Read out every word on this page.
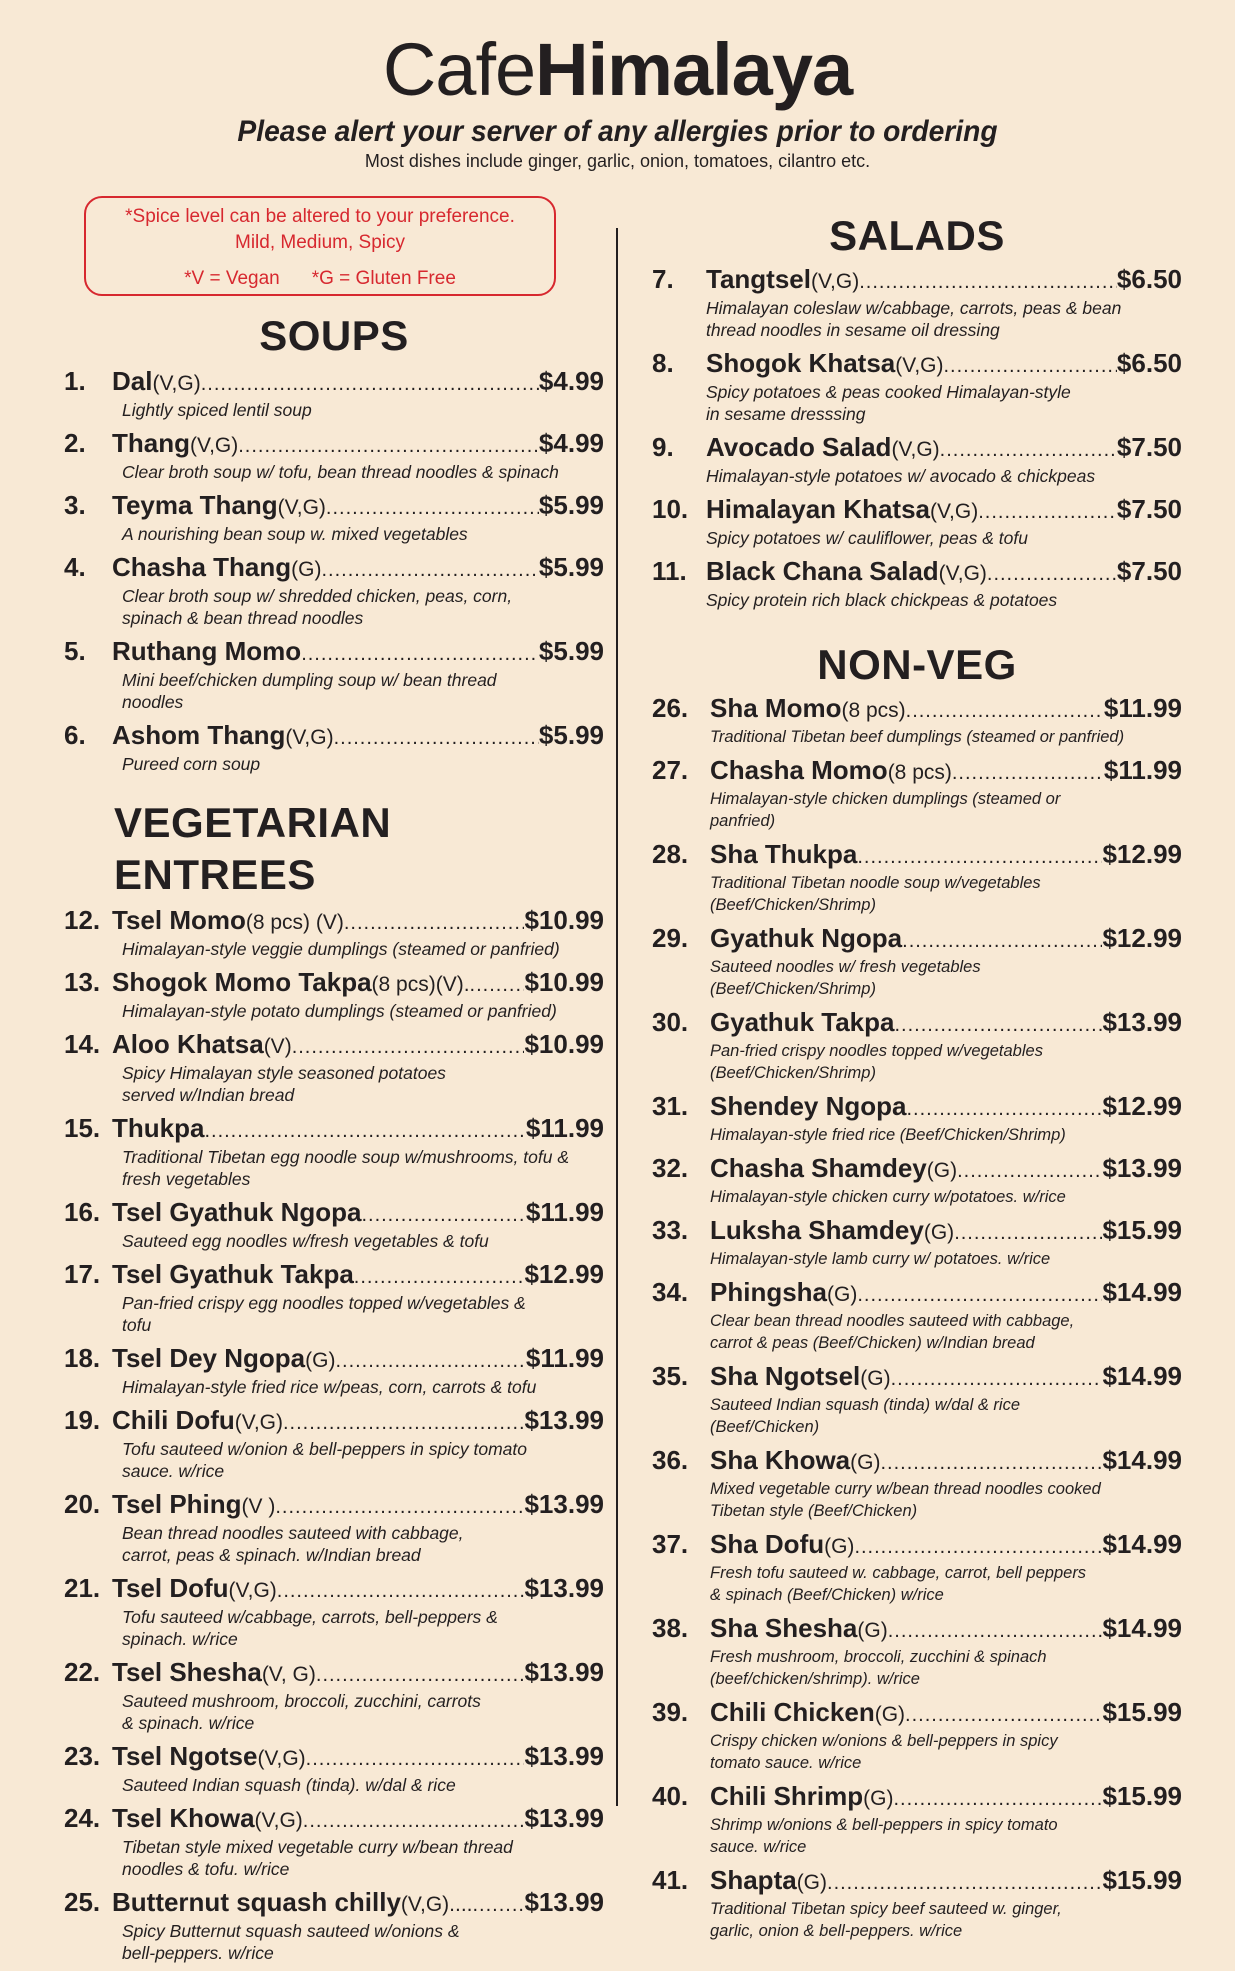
CafeHimalaya
Please alert your server of any allergies prior to ordering
Most dishes include ginger, garlic, onion, tomatoes, cilantro etc.
*Spice level can be altered to your preference.
Mild, Medium, Spicy
*V = Vegan *G = Gluten Free
SOUPS
1.	Dal (V,G) .....	$4.99
Lightly spiced lentil soup
2.	Thang (V,G) .....	$4.99
Clear broth soup w/ tofu, bean thread noodles & spinach
3.	Teyma Thang (V,G) .....	$5.99
A nourishing bean soup w. mixed vegetables
4.	Chasha Thang (G) .....	$5.99
Clear broth soup w/ shredded chicken, peas, corn,
spinach & bean thread noodles
5.	Ruthang Momo .....	$5.99
Mini beef/chicken dumpling soup w/ bean thread
noodles
6.	Ashom Thang (V,G) .....	$5.99
Pureed corn soup
VEGETARIAN ENTREES
12. Tsel Momo (8 pcs) (V) .....	$10.99
Himalayan-style veggie dumplings (steamed or panfried)
13. Shogok Momo Takpa (8 pcs)(V). ..... $10.99
Himalayan-style potato dumplings (steamed or panfried)
14. Aloo Khatsa (V) .....	$10.99
Spicy Himalayan style seasoned potatoes
served w/Indian bread
15. Thukpa .....	$11.99
Traditional Tibetan egg noodle soup w/mushrooms, tofu &
fresh vegetables
16. Tsel Gyathuk Ngopa .....	$11.99
Sauteed egg noodles w/fresh vegetables & tofu
17. Tsel Gyathuk Takpa .....	$12.99
Pan-fried crispy egg noodles topped w/vegetables &
tofu
18. Tsel Dey Ngopa (G) .....	$11.99
Himalayan-style fried rice w/peas, corn, carrots & tofu
19. Chili Dofu (V,G) .....	$13.99
Tofu sauteed w/onion & bell-peppers in spicy tomato
sauce. w/rice
20. Tsel Phing (V ) .....	$13.99
Bean thread noodles sauteed with cabbage,
carrot, peas & spinach. w/Indian bread
21. Tsel Dofu (V,G) .....	$13.99
Tofu sauteed w/cabbage, carrots, bell-peppers &
spinach. w/rice
22. Tsel Shesha (V, G) .....	$13.99
Sauteed mushroom, broccoli, zucchini, carrots
& spinach. w/rice
23. Tsel Ngotse (V,G) .....	$13.99
Sauteed Indian squash (tinda). w/dal & rice
24. Tsel Khowa (V,G) .....	$13.99
Tibetan style mixed vegetable curry w/bean thread
noodles & tofu. w/rice
25. Butternut squash chilly (V,G).... ..... $13.99
Spicy Butternut squash sauteed w/onions &
bell-peppers. w/rice
SALADS
7.	Tangtsel (V,G) .....	$6.50
Himalayan coleslaw w/cabbage, carrots, peas & bean
thread noodles in sesame oil dressing
8.	Shogok Khatsa (V,G) .....	$6.50
Spicy potatoes & peas cooked Himalayan-style
in sesame dresssing
9.	Avocado Salad (V,G) .....	$7.50
Himalayan-style potatoes w/ avocado & chickpeas
10. Himalayan Khatsa (V,G) .....	$7.50
Spicy potatoes w/ cauliflower, peas & tofu
11. Black Chana Salad (V,G) .....	$7.50
Spicy protein rich black chickpeas & potatoes
NON-VEG
26. Sha Momo (8 pcs) .....	$11.99
Traditional Tibetan beef dumplings (steamed or panfried)
27. Chasha Momo (8 pcs) .....	$11.99
Himalayan-style chicken dumplings (steamed or
panfried)
28. Sha Thukpa .....	$12.99
Traditional Tibetan noodle soup w/vegetables
(Beef/Chicken/Shrimp)
29. Gyathuk Ngopa .....	$12.99
Sauteed noodles w/ fresh vegetables
(Beef/Chicken/Shrimp)
30. Gyathuk Takpa .....	$13.99
Pan-fried crispy noodles topped w/vegetables
(Beef/Chicken/Shrimp)
31. Shendey Ngopa .....	$12.99
Himalayan-style fried rice (Beef/Chicken/Shrimp)
32. Chasha Shamdey (G) .....	$13.99
Himalayan-style chicken curry w/potatoes. w/rice
33. Luksha Shamdey (G) .....	$15.99
Himalayan-style lamb curry w/ potatoes. w/rice
34. Phingsha (G) .....	$14.99
Clear bean thread noodles sauteed with cabbage,
carrot & peas (Beef/Chicken) w/Indian bread
35. Sha Ngotsel (G) .....	$14.99
Sauteed Indian squash (tinda) w/dal & rice
(Beef/Chicken)
36. Sha Khowa (G) .....	$14.99
Mixed vegetable curry w/bean thread noodles cooked
Tibetan style (Beef/Chicken)
37. Sha Dofu (G) .....	$14.99
Fresh tofu sauteed w. cabbage, carrot, bell peppers
& spinach (Beef/Chicken) w/rice
38. Sha Shesha (G) .....	$14.99
Fresh mushroom, broccoli, zucchini & spinach
(beef/chicken/shrimp). w/rice
39. Chili Chicken (G) .....	$15.99
Crispy chicken w/onions & bell-peppers in spicy
tomato sauce. w/rice
40. Chili Shrimp (G) .....	$15.99
Shrimp w/onions & bell-peppers in spicy tomato
sauce. w/rice
41. Shapta (G) .....	$15.99
Traditional Tibetan spicy beef sauteed w. ginger,
garlic, onion & bell-peppers. w/rice
